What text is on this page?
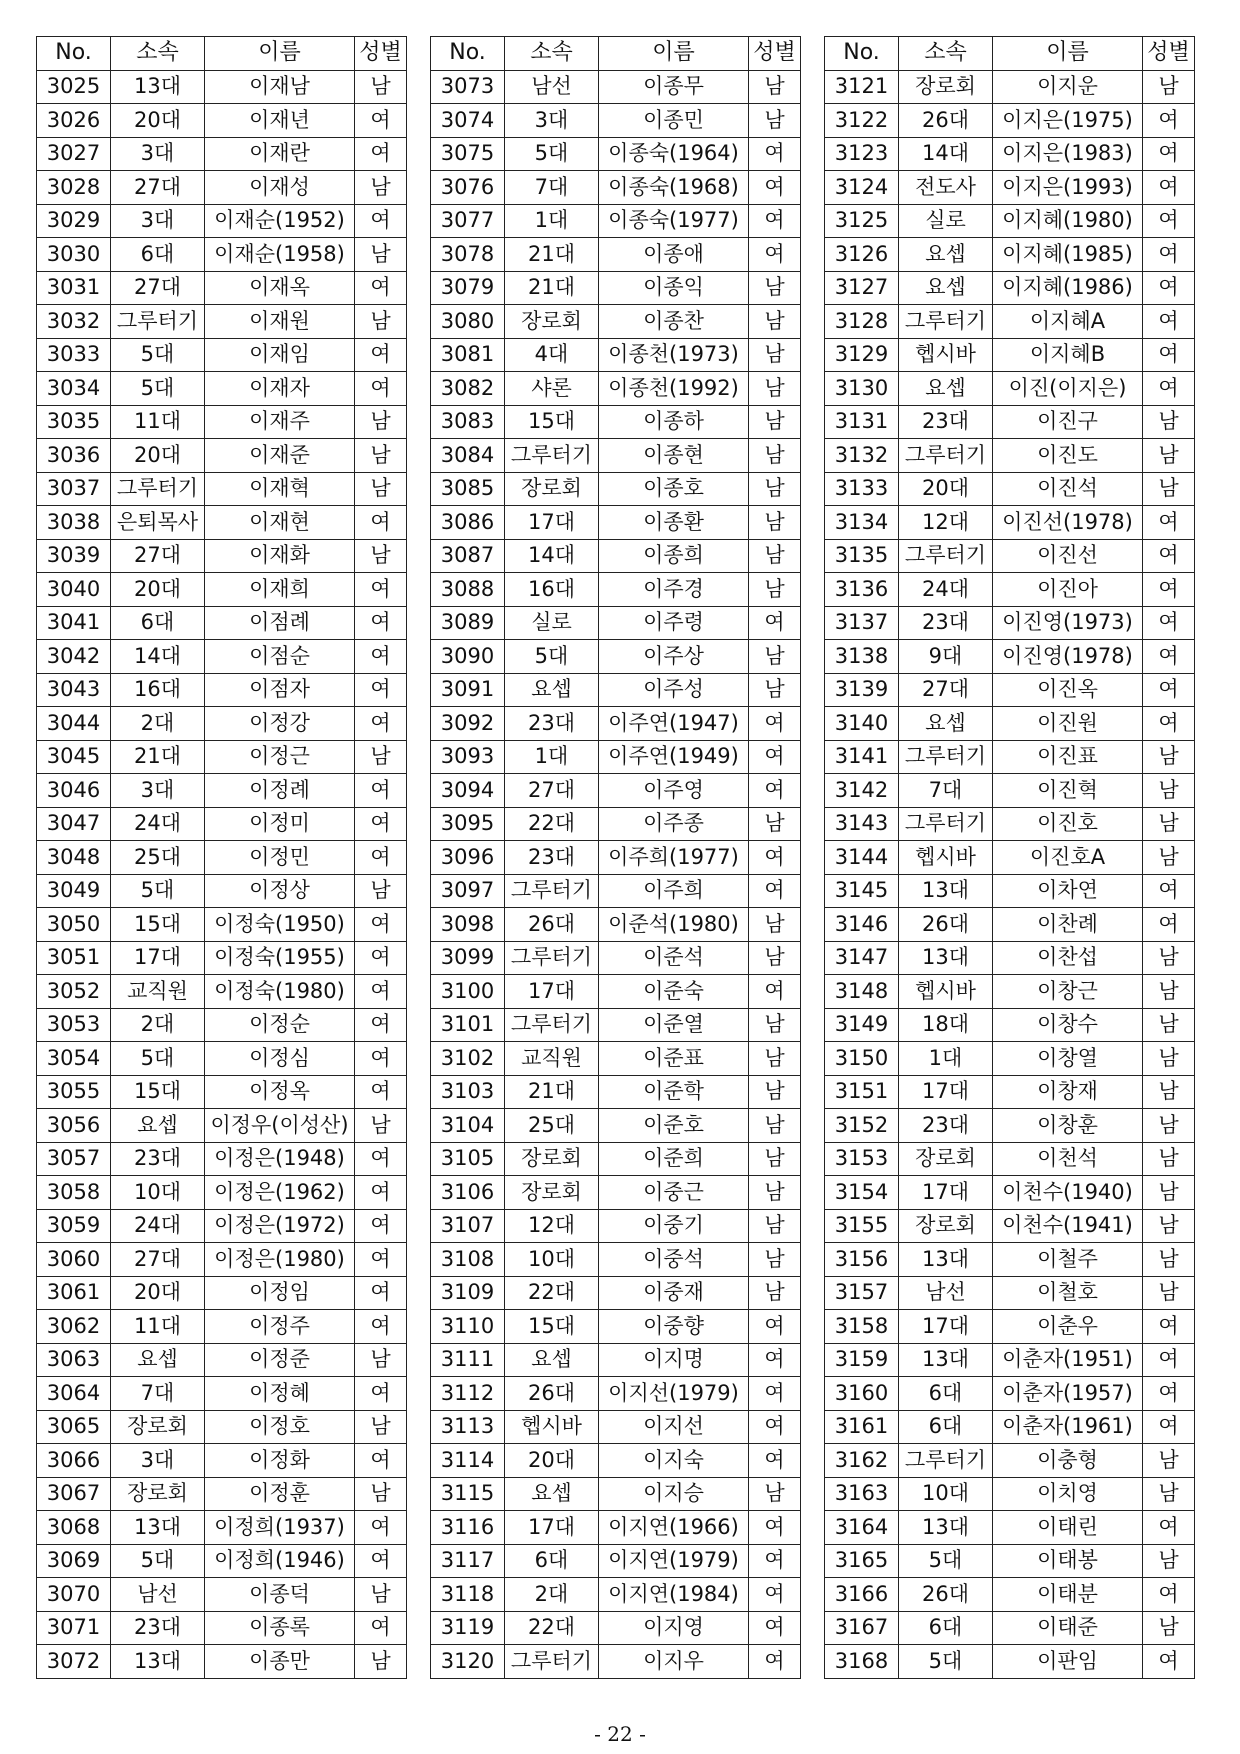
No.	소속	이름	성별
3025	13대	이재남	남
3026	20대	이재년	여
3027	3대	이재란	여
3028	27대	이재성	남
3029	3대	이재순(1952)	여
3030	6대	이재순(1958)	남
3031	27대	이재옥	여
3032	그루터기	이재원	남
3033	5대	이재임	여
3034	5대	이재자	여
3035	11대	이재주	남
3036	20대	이재준	남
3037	그루터기	이재혁	남
3038	은퇴목사	이재현	여
3039	27대	이재화	남
3040	20대	이재희	여
3041	6대	이점례	여
3042	14대	이점순	여
3043	16대	이점자	여
3044	2대	이정강	여
3045	21대	이정근	남
3046	3대	이정례	여
3047	24대	이정미	여
3048	25대	이정민	여
3049	5대	이정상	남
3050	15대	이정숙(1950)	여
3051	17대	이정숙(1955)	여
3052	교직원	이정숙(1980)	여
3053	2대	이정순	여
3054	5대	이정심	여
3055	15대	이정옥	여
3056	요셉	이정우(이성산)	남
3057	23대	이정은(1948)	여
3058	10대	이정은(1962)	여
3059	24대	이정은(1972)	여
3060	27대	이정은(1980)	여
3061	20대	이정임	여
3062	11대	이정주	여
3063	요셉	이정준	남
3064	7대	이정혜	여
3065	장로회	이정호	남
3066	3대	이정화	여
3067	장로회	이정훈	남
3068	13대	이정희(1937)	여
3069	5대	이정희(1946)	여
3070	남선	이종덕	남
3071	23대	이종록	여
3072	13대	이종만	남
No.	소속	이름	성별
3073	남선	이종무	남
3074	3대	이종민	남
3075	5대	이종숙(1964)	여
3076	7대	이종숙(1968)	여
3077	1대	이종숙(1977)	여
3078	21대	이종애	여
3079	21대	이종익	남
3080	장로회	이종찬	남
3081	4대	이종천(1973)	남
3082	샤론	이종천(1992)	남
3083	15대	이종하	남
3084	그루터기	이종현	남
3085	장로회	이종호	남
3086	17대	이종환	남
3087	14대	이종희	남
3088	16대	이주경	남
3089	실로	이주령	여
3090	5대	이주상	남
3091	요셉	이주성	남
3092	23대	이주연(1947)	여
3093	1대	이주연(1949)	여
3094	27대	이주영	여
3095	22대	이주종	남
3096	23대	이주희(1977)	여
3097	그루터기	이주희	여
3098	26대	이준석(1980)	남
3099	그루터기	이준석	남
3100	17대	이준숙	여
3101	그루터기	이준열	남
3102	교직원	이준표	남
3103	21대	이준학	남
3104	25대	이준호	남
3105	장로회	이준희	남
3106	장로회	이중근	남
3107	12대	이중기	남
3108	10대	이중석	남
3109	22대	이중재	남
3110	15대	이중향	여
3111	요셉	이지명	여
3112	26대	이지선(1979)	여
3113	헵시바	이지선	여
3114	20대	이지숙	여
3115	요셉	이지승	남
3116	17대	이지연(1966)	여
3117	6대	이지연(1979)	여
3118	2대	이지연(1984)	여
3119	22대	이지영	여
3120	그루터기	이지우	여
No.	소속	이름	성별
3121	장로회	이지운	남
3122	26대	이지은(1975)	여
3123	14대	이지은(1983)	여
3124	전도사	이지은(1993)	여
3125	실로	이지혜(1980)	여
3126	요셉	이지혜(1985)	여
3127	요셉	이지혜(1986)	여
3128	그루터기	이지혜A	여
3129	헵시바	이지혜B	여
3130	요셉	이진(이지은)	여
3131	23대	이진구	남
3132	그루터기	이진도	남
3133	20대	이진석	남
3134	12대	이진선(1978)	여
3135	그루터기	이진선	여
3136	24대	이진아	여
3137	23대	이진영(1973)	여
3138	9대	이진영(1978)	여
3139	27대	이진옥	여
3140	요셉	이진원	여
3141	그루터기	이진표	남
3142	7대	이진혁	남
3143	그루터기	이진호	남
3144	헵시바	이진호A	남
3145	13대	이차연	여
3146	26대	이찬례	여
3147	13대	이찬섭	남
3148	헵시바	이창근	남
3149	18대	이창수	남
3150	1대	이창열	남
3151	17대	이창재	남
3152	23대	이창훈	남
3153	장로회	이천석	남
3154	17대	이천수(1940)	남
3155	장로회	이천수(1941)	남
3156	13대	이철주	남
3157	남선	이철호	남
3158	17대	이춘우	여
3159	13대	이춘자(1951)	여
3160	6대	이춘자(1957)	여
3161	6대	이춘자(1961)	여
3162	그루터기	이충형	남
3163	10대	이치영	남
3164	13대	이태린	여
3165	5대	이태봉	남
3166	26대	이태분	여
3167	6대	이태준	남
3168	5대	이판임	여
- 22 -
